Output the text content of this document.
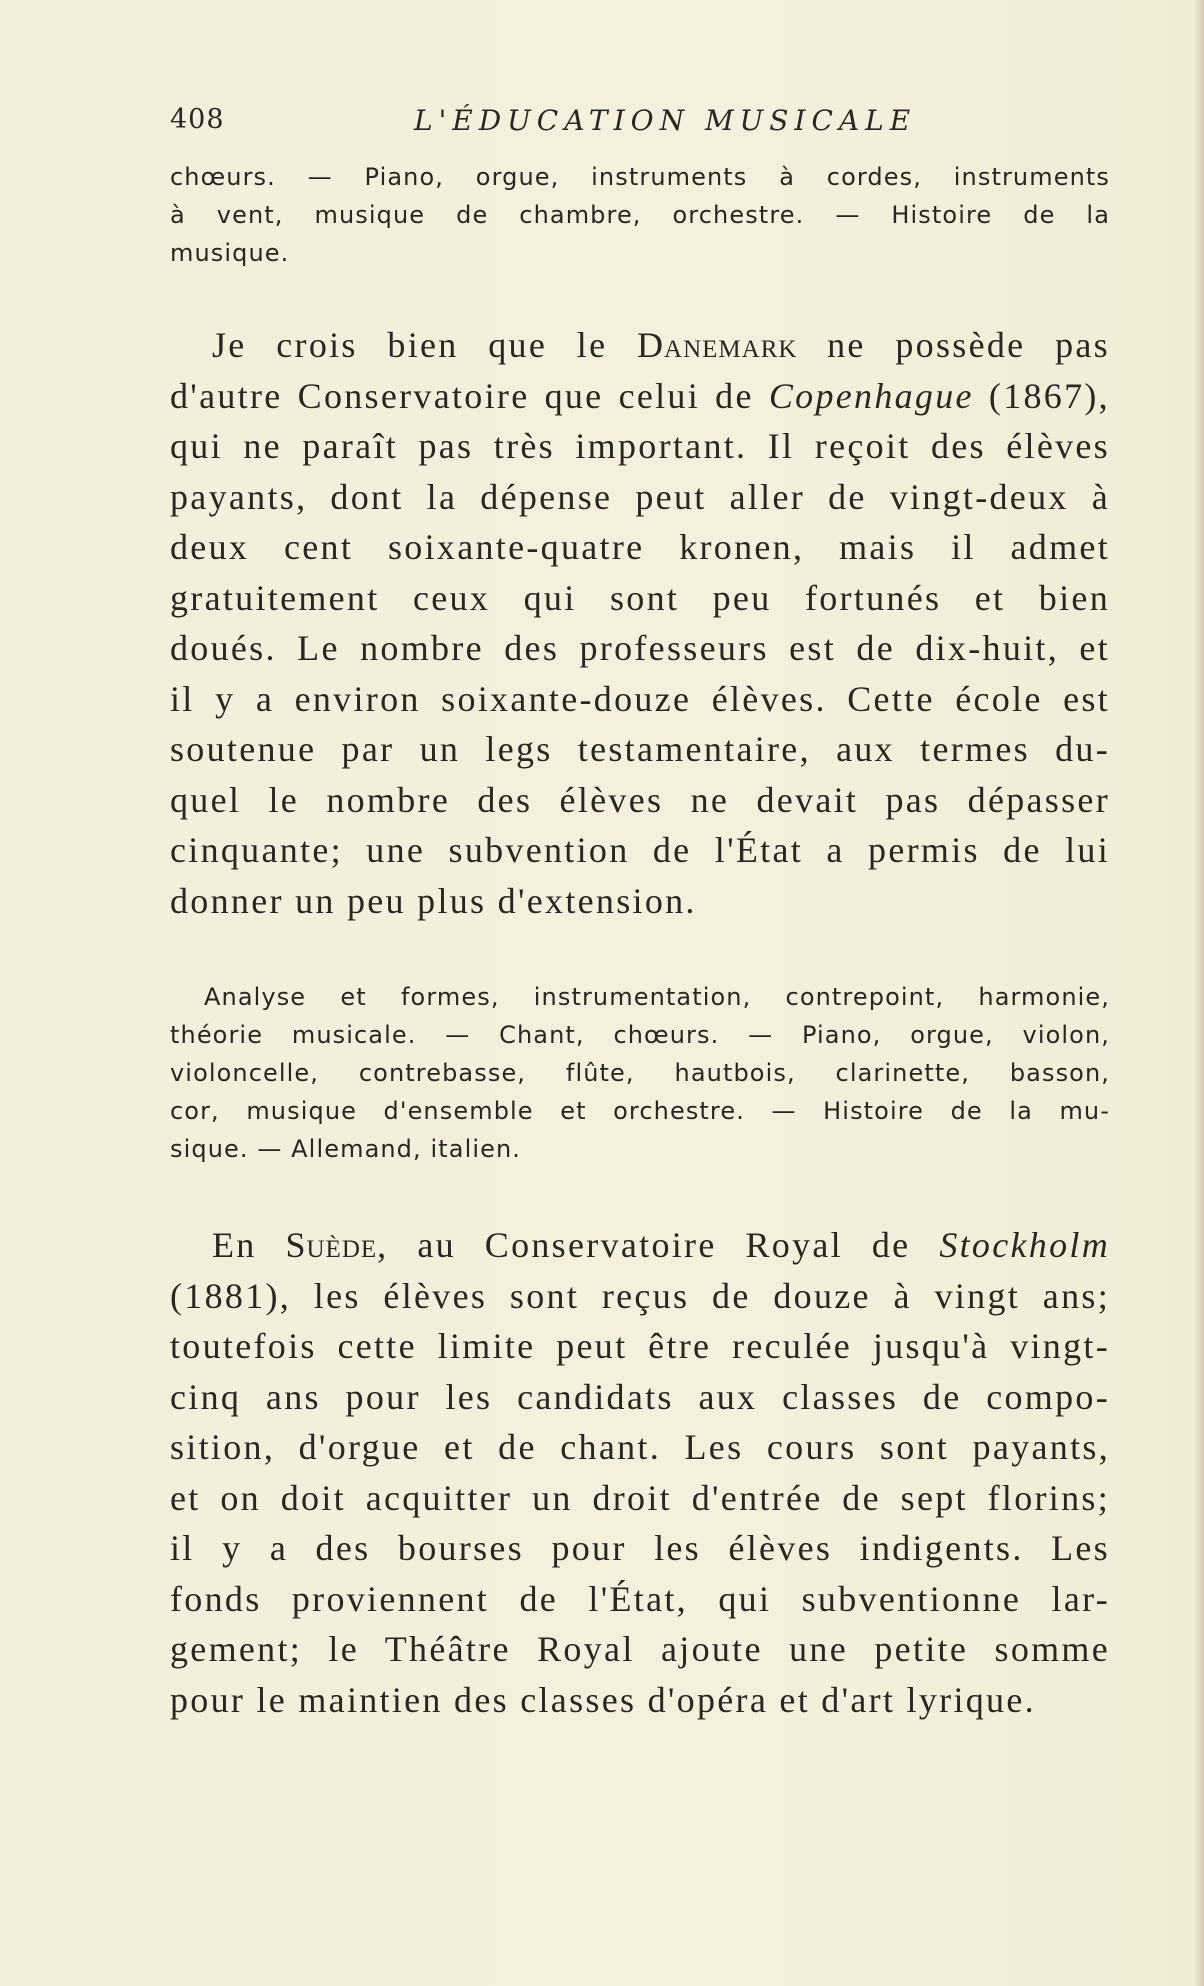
408	L'ÉDUCATION MUSICALE
chœurs. — Piano, orgue, instruments à cordes, instruments
à vent, musique de chambre, orchestre. — Histoire de la
musique.
Je crois bien que le Danemark ne possède pas
d'autre Conservatoire que celui de Copenhague (1867),
qui ne paraît pas très important. Il reçoit des élèves
payants, dont la dépense peut aller de vingt-deux à
deux cent soixante-quatre kronen, mais il admet
gratuitement ceux qui sont peu fortunés et bien
doués. Le nombre des professeurs est de dix-huit, et
il y a environ soixante-douze élèves. Cette école est
soutenue par un legs testamentaire, aux termes du-
quel le nombre des élèves ne devait pas dépasser
cinquante; une subvention de l'État a permis de lui
donner un peu plus d'extension.
Analyse et formes, instrumentation, contrepoint, harmonie,
théorie musicale. — Chant, chœurs. — Piano, orgue, violon,
violoncelle, contrebasse, flûte, hautbois, clarinette, basson,
cor, musique d'ensemble et orchestre. — Histoire de la mu-
sique. — Allemand, italien.
En Suède, au Conservatoire Royal de Stockholm
(1881), les élèves sont reçus de douze à vingt ans;
toutefois cette limite peut être reculée jusqu'à vingt-
cinq ans pour les candidats aux classes de compo-
sition, d'orgue et de chant. Les cours sont payants,
et on doit acquitter un droit d'entrée de sept florins;
il y a des bourses pour les élèves indigents. Les
fonds proviennent de l'État, qui subventionne lar-
gement; le Théâtre Royal ajoute une petite somme
pour le maintien des classes d'opéra et d'art lyrique.
